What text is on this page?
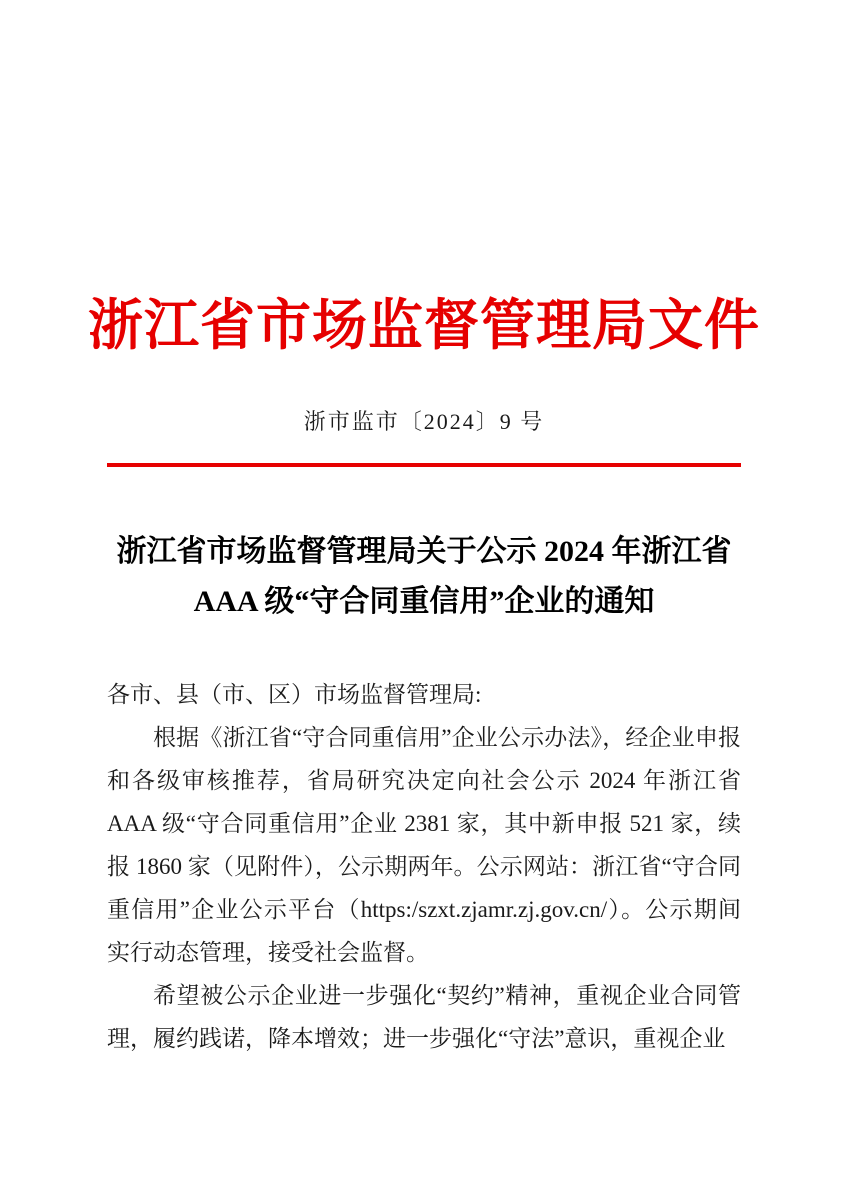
浙江省市场监督管理局文件
浙市监市〔2024〕9 号
浙江省市场监督管理局关于公示 2024 年浙江省
AAA 级“守合同重信用”企业的通知

各市、县（市、区）市场监督管理局:

根据《浙江省“守合同重信用”企业公示办法》，经企业申报和各级审核推荐，省局研究决定向社会公示 2024 年浙江省 AAA 级“守合同重信用”企业 2381 家，其中新申报 521 家，续报 1860 家（见附件），公示期两年。公示网站：浙江省“守合同重信用”企业公示平台（https:/szxt.zjamr.zj.gov.cn/）。公示期间实行动态管理，接受社会监督。

希望被公示企业进一步强化“契约”精神，重视企业合同管理，履约践诺，降本增效；进一步强化“守法”意识，重视企业
